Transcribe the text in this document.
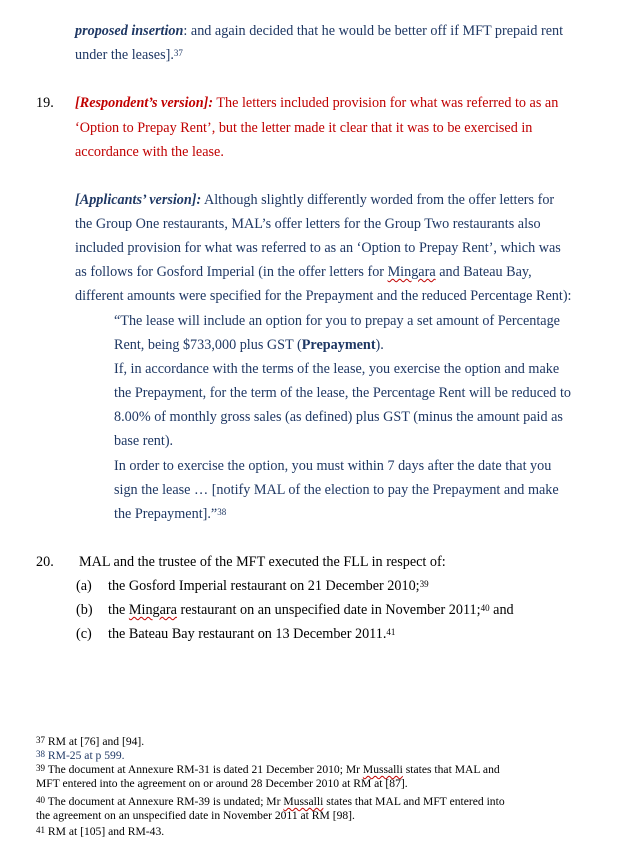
proposed insertion: and again decided that he would be better off if MFT prepaid rent
under the leases].$^{37}$
19. [Respondent’s version]: The letters included provision for what was referred to as an
‘Option to Prepay Rent’, but the letter made it clear that it was to be exercised in
accordance with the lease.
[Applicants’ version]: Although slightly differently worded from the offer letters for
the Group One restaurants, MAL’s offer letters for the Group Two restaurants also
included provision for what was referred to as an ‘Option to Prepay Rent’, which was
as follows for Gosford Imperial (in the offer letters for Mingara and Bateau Bay,
different amounts were specified for the Prepayment and the reduced Percentage Rent):
“The lease will include an option for you to prepay a set amount of Percentage
Rent, being $733,000 plus GST (Prepayment).
If, in accordance with the terms of the lease, you exercise the option and make
the Prepayment, for the term of the lease, the Percentage Rent will be reduced to
8.00% of monthly gross sales (as defined) plus GST (minus the amount paid as
base rent).
In order to exercise the option, you must within 7 days after the date that you
sign the lease … [notify MAL of the election to pay the Prepayment and make
the Prepayment].”$^{38}$
20. MAL and the trustee of the MFT executed the FLL in respect of:
(a) the Gosford Imperial restaurant on 21 December 2010;$^{39}$
(b) the Mingara restaurant on an unspecified date in November 2011;$^{40}$ and
(c) the Bateau Bay restaurant on 13 December 2011.41
$^{37}$ RM at [76] and [94].
$^{38}$ RM-25 at p 599.
$^{39}$ The document at Annexure RM-31 is dated 21 December 2010; Mr Mussalli states that MAL and
MFT entered into the agreement on or around 28 December 2010 at RM at [87].
$^{40}$ The document at Annexure RM-39 is undated; Mr Mussalli states that MAL and MFT entered into
the agreement on an unspecified date in November 2011 at RM [98].
$^{41}$ RM at [105] and RM-43.
